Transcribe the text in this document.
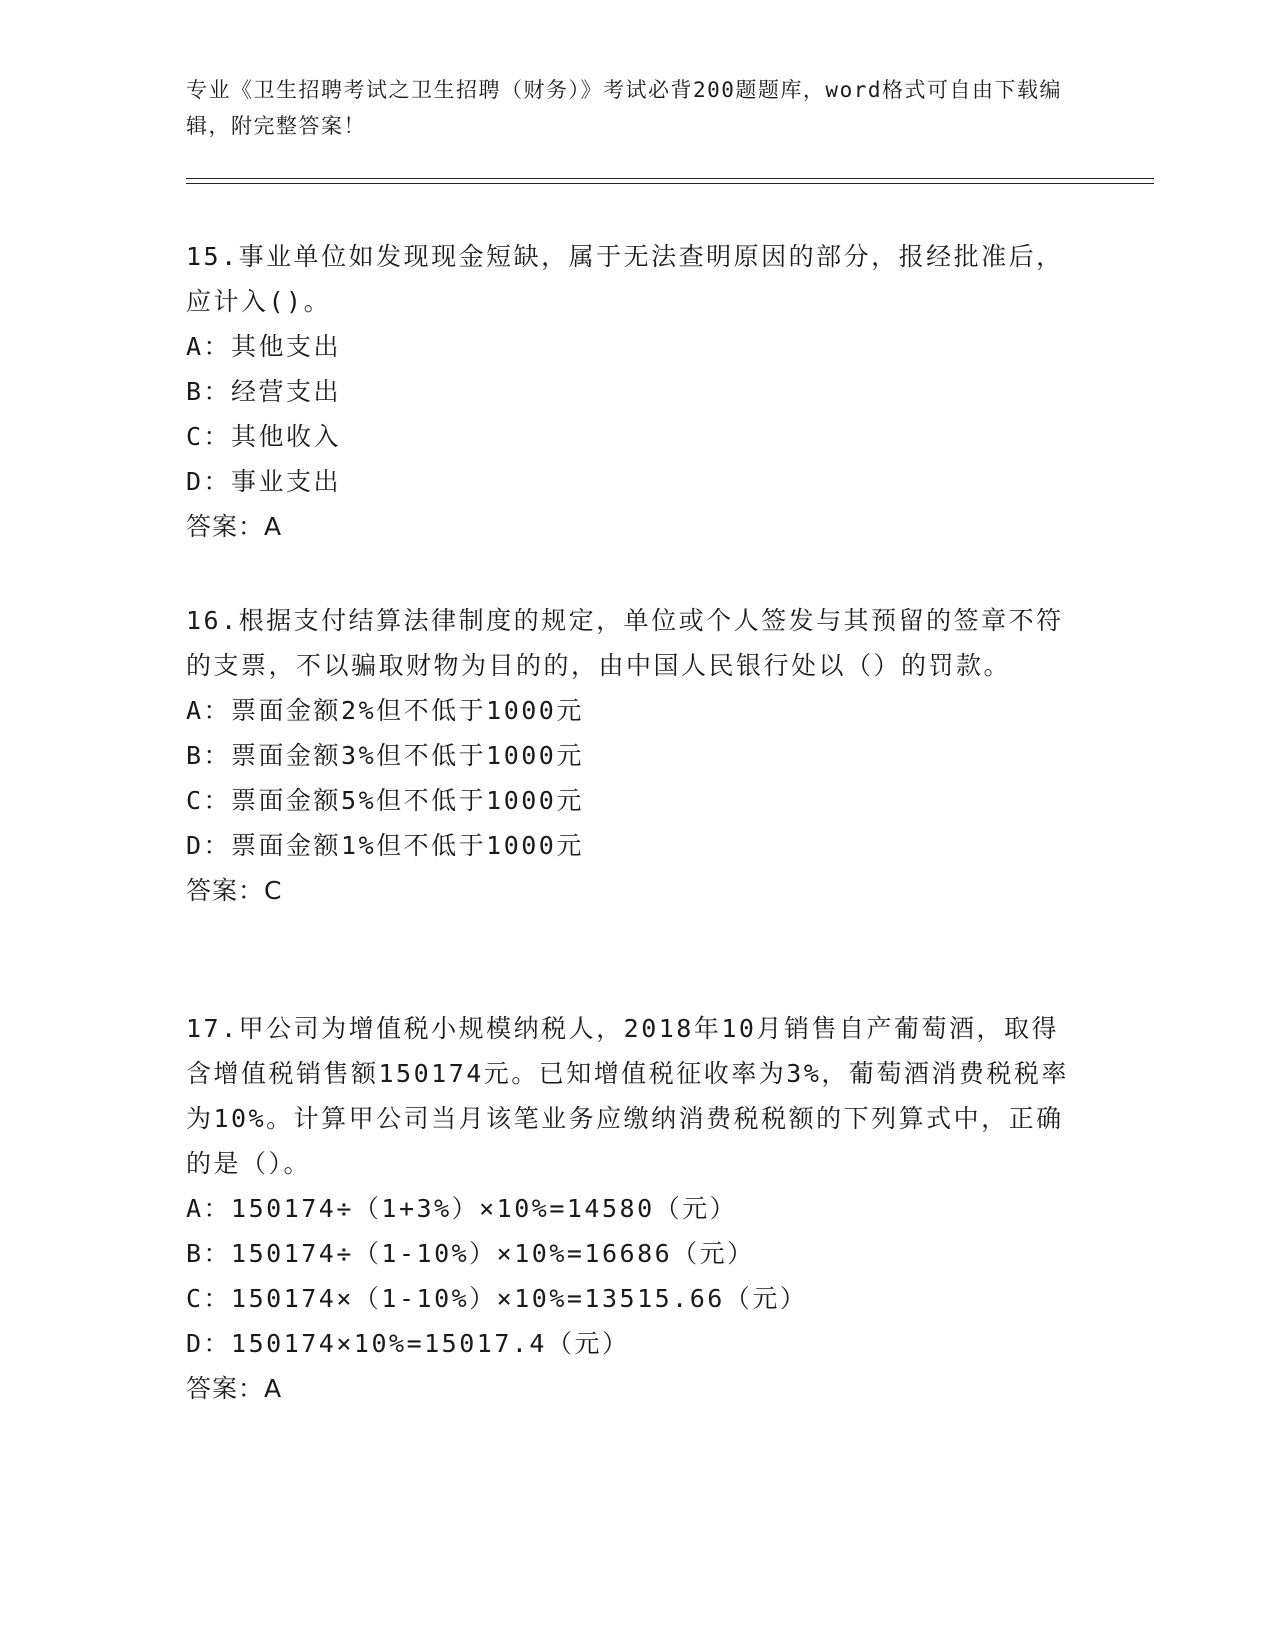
专业《卫生招聘考试之卫生招聘（财务）》考试必背200题题库，word格式可自由下载编辑，附完整答案！

15.事业单位如发现现金短缺，属于无法查明原因的部分，报经批准后，应计入()。

A：其他支出

B：经营支出

C：其他收入

D：事业支出

答案：A

16.根据支付结算法律制度的规定，单位或个人签发与其预留的签章不符的支票，不以骗取财物为目的的，由中国人民银行处以（）的罚款。

A：票面金额2%但不低于1000元

B：票面金额3%但不低于1000元

C：票面金额5%但不低于1000元

D：票面金额1%但不低于1000元

答案：C

17.甲公司为增值税小规模纳税人，2018年10月销售自产葡萄酒，取得含增值税销售额150174元。已知增值税征收率为3%，葡萄酒消费税税率为10%。计算甲公司当月该笔业务应缴纳消费税税额的下列算式中，正确的是（）。

A：150174÷（1+3%）×10%=14580（元）

B：150174÷（1-10%）×10%=16686（元）

C：150174×（1-10%）×10%=13515.66（元）

D：150174×10%=15017.4（元）

答案：A
